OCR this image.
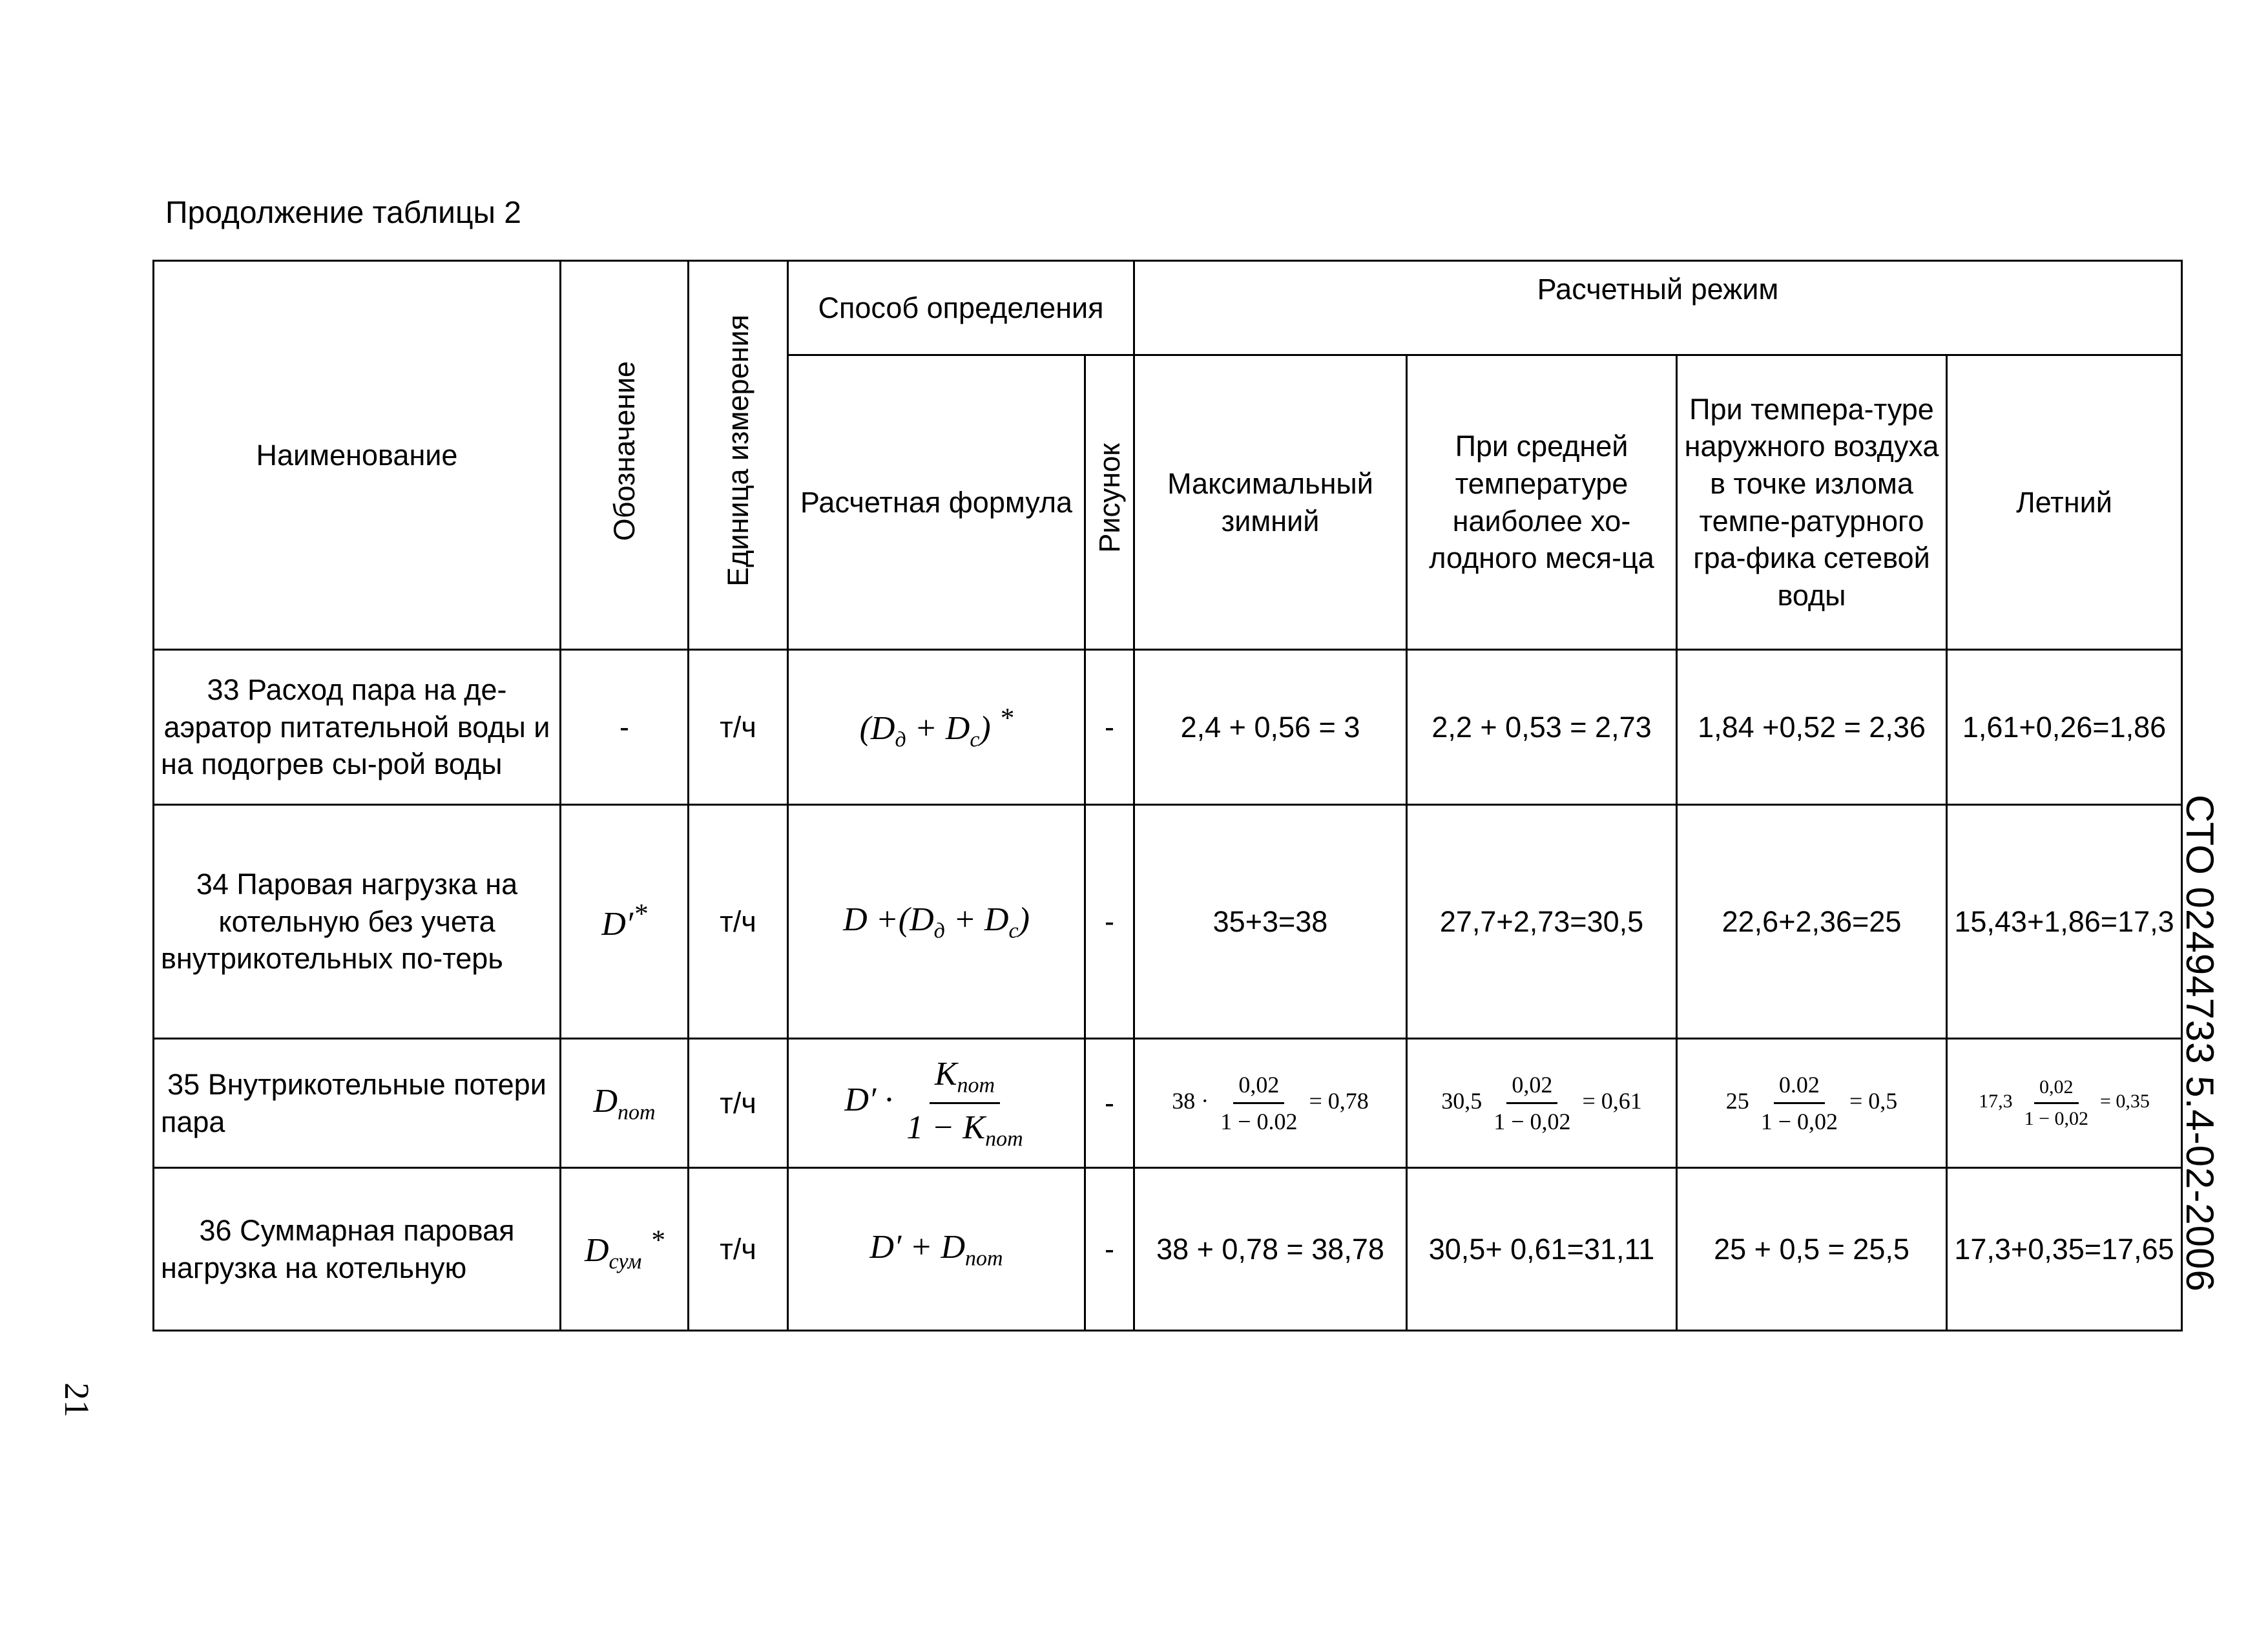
Продолжение таблицы 2
Наименование	Обозначение	Единица измерения	Способ определения		Расчетный режим			
			Расчетная формула	Рисунок	Максимальный зимний	При средней температуре наиболее хо-лодного меся-ца	При темпера-туре наружного воздуха в точке излома темпе-ратурного гра-фика сетевой воды	Летний
33 Расход пара на де-аэратор питательной воды и на подогрев сы-рой воды	-	т/ч	$(D_д + D_с)$ *	-	2,4 + 0,56 = 3	2,2 + 0,53 = 2,73	1,84 +0,52 = 2,36	1,61+0,26=1,86
34 Паровая нагрузка на котельную без учета внутрикотельных по-терь	D′*	т/ч	$D +(D_д + D_с)$	-	35+3=38	27,7+2,73=30,5	22,6+2,36=25	15,43+1,86=17,3
35 Внутрикотельные потери пара	$D_{пот}$	т/ч	$D' \cdot \frac{K_{пот}}{1 - K_{пот}}$	-	$38 \cdot \frac{0,02}{1 - 0.02} = 0,78$	$30,5 \frac{0,02}{1 - 0,02} = 0,61$	$25 \frac{0.02}{1 - 0,02} = 0,5$	$17,3 \frac{0,02}{1 - 0,02} = 0,35$
36 Суммарная паровая нагрузка на котельную	$D_{сум}$ *	т/ч	$D' + D_{пот}$	-	38 + 0,78 = 38,78	30,5+ 0,61=31,11	25 + 0,5 = 25,5	17,3+0,35=17,65 СТО 02494733 5.4-02-2006
21
